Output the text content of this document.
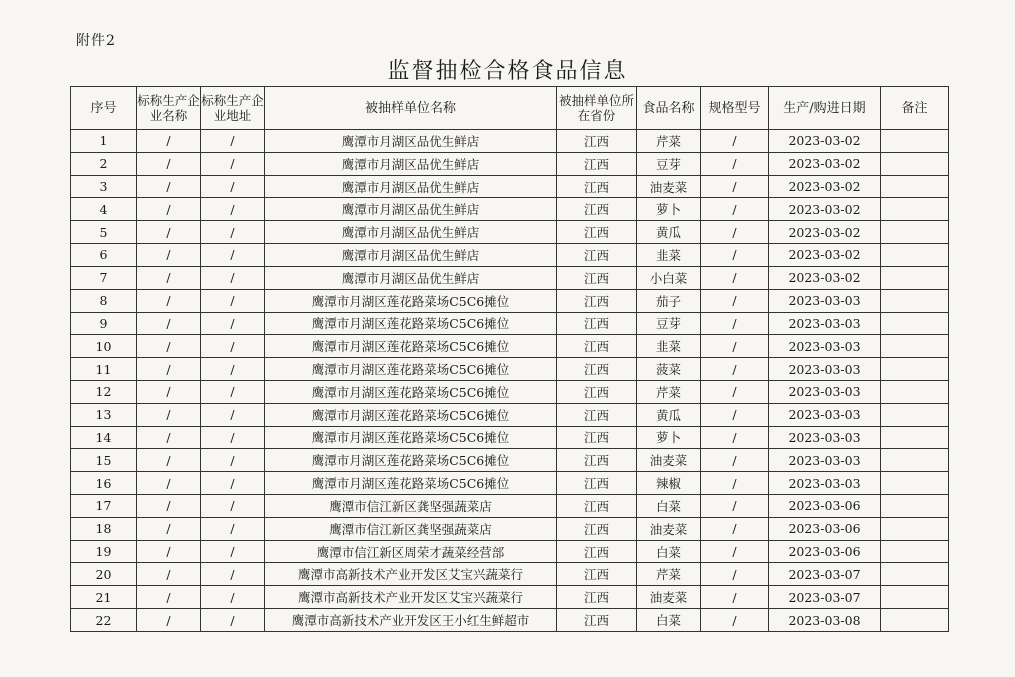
附件2
监督抽检合格食品信息
序号	标称生产企业名称	标称生产企业地址	被抽样单位名称	被抽样单位所在省份	食品名称	规格型号	生产/购进日期	备注
1	/	/	鹰潭市月湖区品优生鲜店	江西	芹菜	/	2023-03-02	
2	/	/	鹰潭市月湖区品优生鲜店	江西	豆芽	/	2023-03-02	
3	/	/	鹰潭市月湖区品优生鲜店	江西	油麦菜	/	2023-03-02	
4	/	/	鹰潭市月湖区品优生鲜店	江西	萝卜	/	2023-03-02	
5	/	/	鹰潭市月湖区品优生鲜店	江西	黄瓜	/	2023-03-02	
6	/	/	鹰潭市月湖区品优生鲜店	江西	韭菜	/	2023-03-02	
7	/	/	鹰潭市月湖区品优生鲜店	江西	小白菜	/	2023-03-02	
8	/	/	鹰潭市月湖区莲花路菜场C5C6摊位	江西	茄子	/	2023-03-03	
9	/	/	鹰潭市月湖区莲花路菜场C5C6摊位	江西	豆芽	/	2023-03-03	
10	/	/	鹰潭市月湖区莲花路菜场C5C6摊位	江西	韭菜	/	2023-03-03	
11	/	/	鹰潭市月湖区莲花路菜场C5C6摊位	江西	菠菜	/	2023-03-03	
12	/	/	鹰潭市月湖区莲花路菜场C5C6摊位	江西	芹菜	/	2023-03-03	
13	/	/	鹰潭市月湖区莲花路菜场C5C6摊位	江西	黄瓜	/	2023-03-03	
14	/	/	鹰潭市月湖区莲花路菜场C5C6摊位	江西	萝卜	/	2023-03-03	
15	/	/	鹰潭市月湖区莲花路菜场C5C6摊位	江西	油麦菜	/	2023-03-03	
16	/	/	鹰潭市月湖区莲花路菜场C5C6摊位	江西	辣椒	/	2023-03-03	
17	/	/	鹰潭市信江新区龚坚强蔬菜店	江西	白菜	/	2023-03-06	
18	/	/	鹰潭市信江新区龚坚强蔬菜店	江西	油麦菜	/	2023-03-06	
19	/	/	鹰潭市信江新区周荣才蔬菜经营部	江西	白菜	/	2023-03-06	
20	/	/	鹰潭市高新技术产业开发区艾宝兴蔬菜行	江西	芹菜	/	2023-03-07	
21	/	/	鹰潭市高新技术产业开发区艾宝兴蔬菜行	江西	油麦菜	/	2023-03-07	
22	/	/	鹰潭市高新技术产业开发区王小红生鲜超市	江西	白菜	/	2023-03-08	
